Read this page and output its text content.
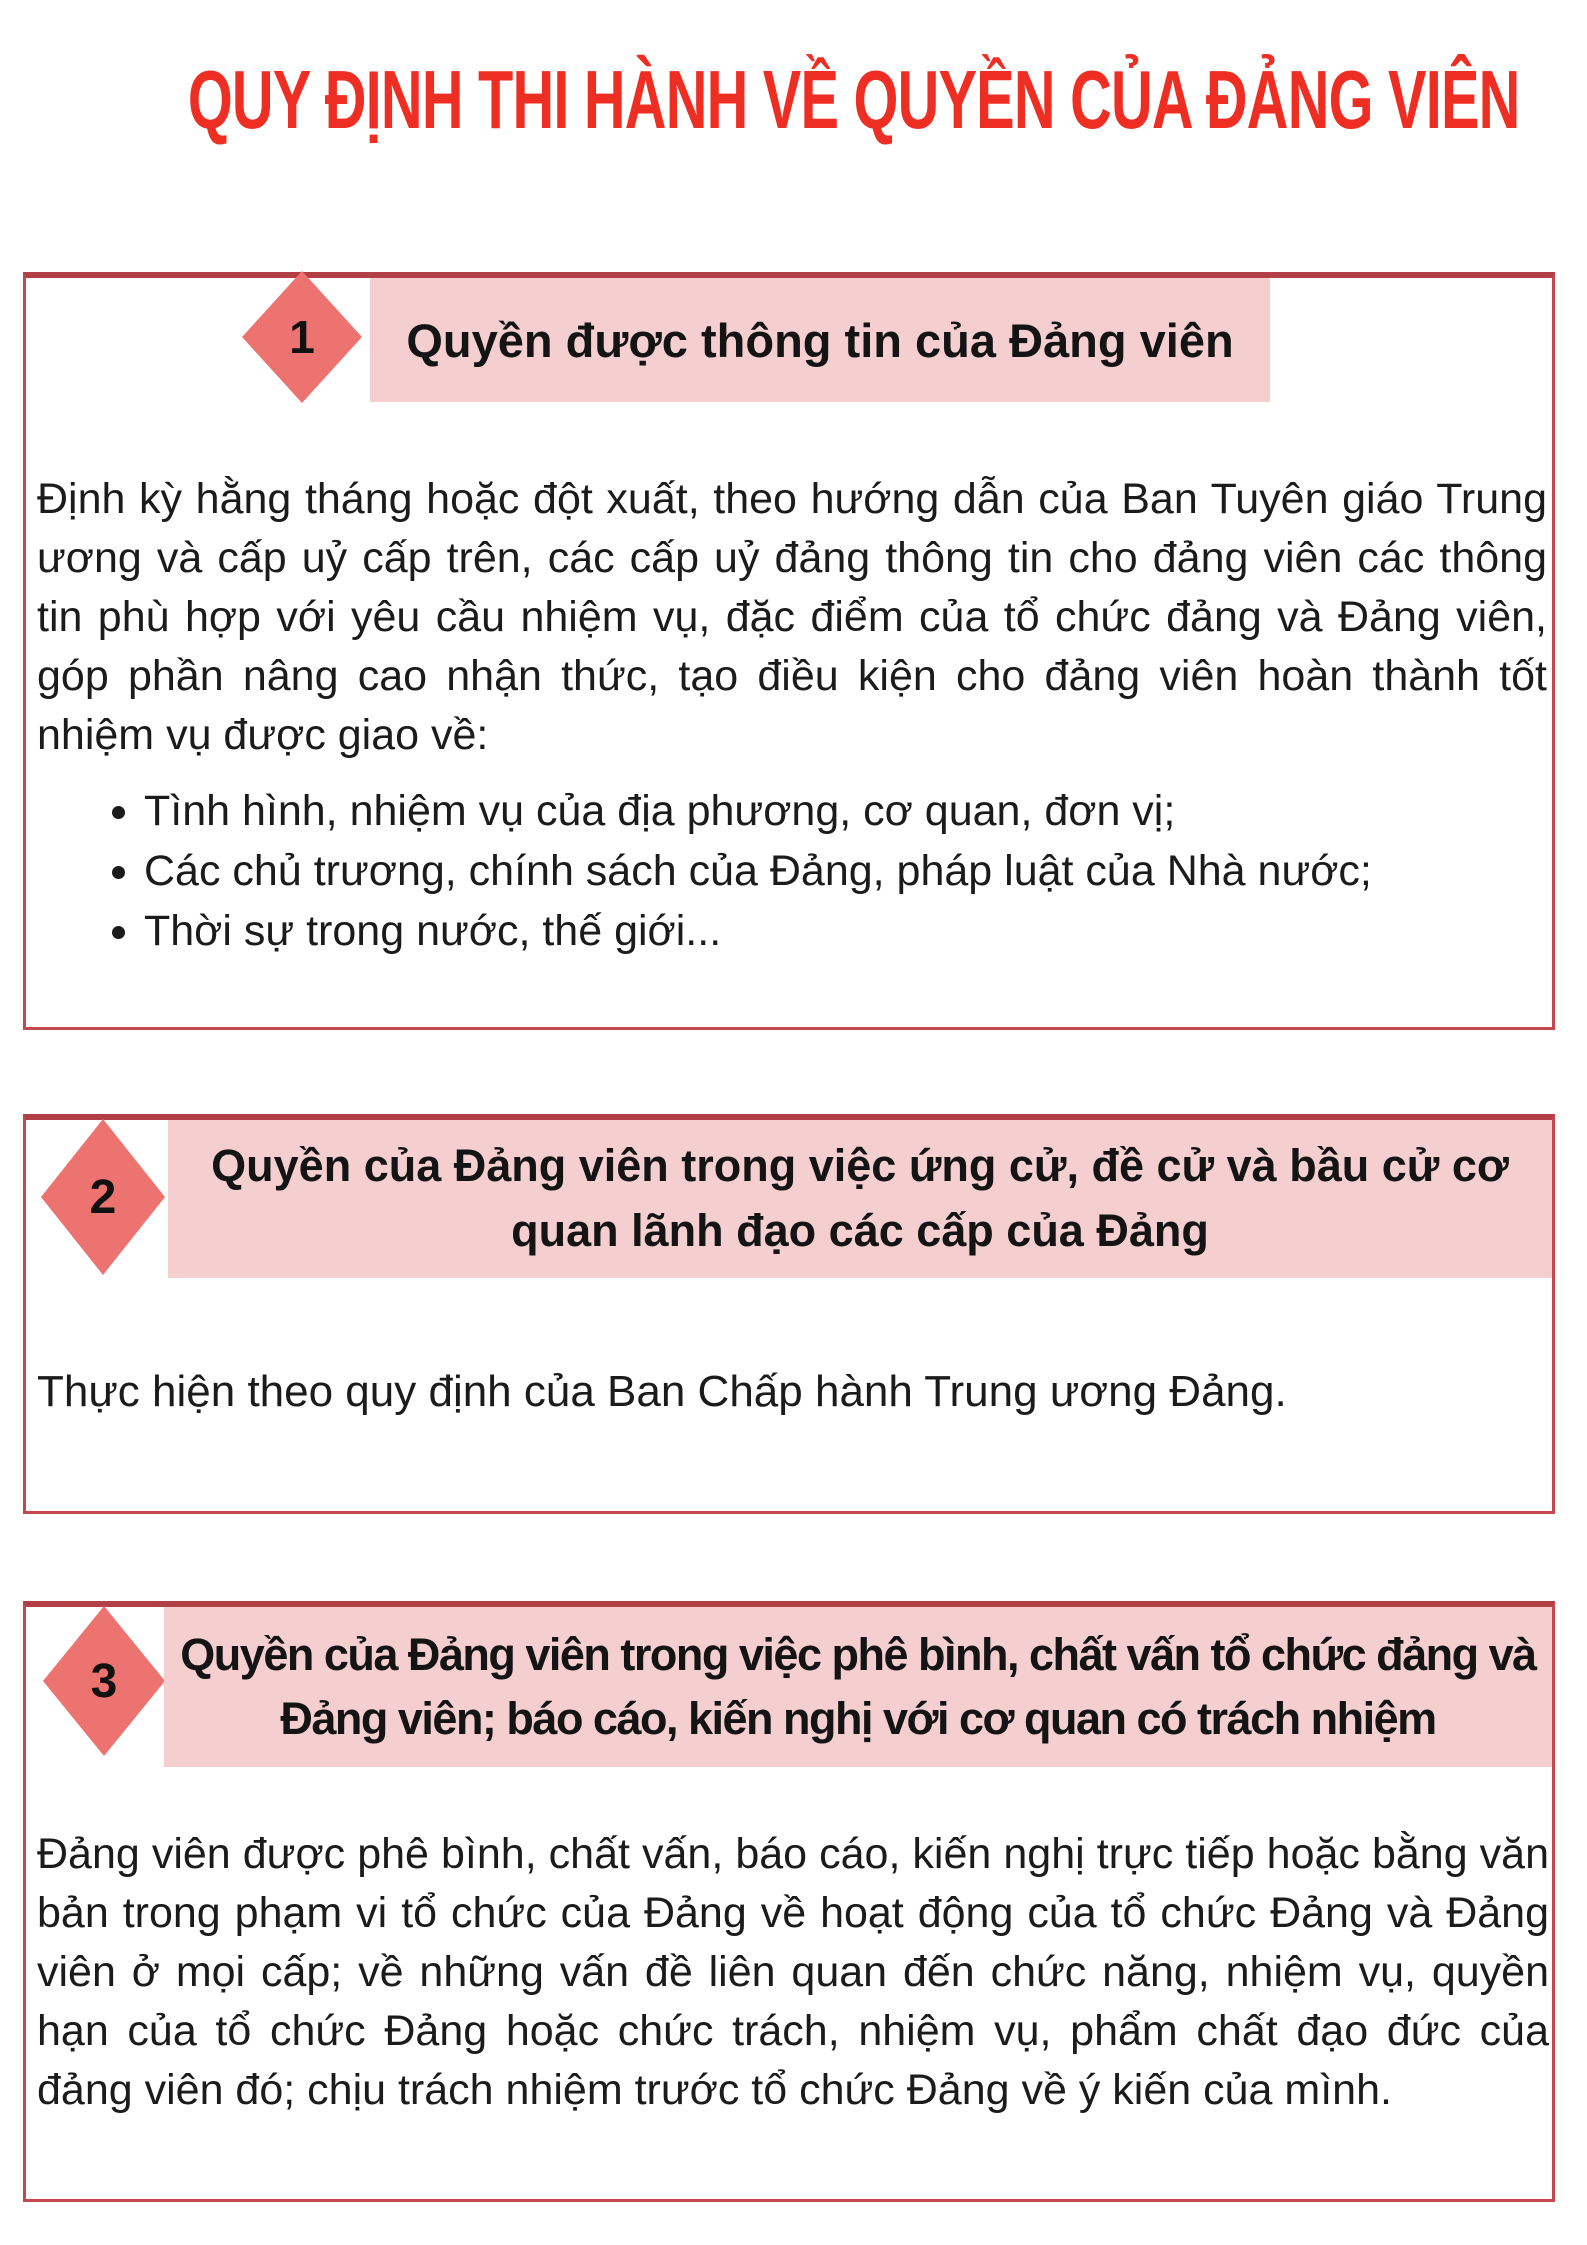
QUY ĐỊNH THI HÀNH VỀ QUYỀN CỦA ĐẢNG VIÊN
1	Quyền được thông tin của Đảng viên
Định kỳ hằng tháng hoặc đột xuất, theo hướng dẫn của Ban Tuyên giáo Trung ương và cấp uỷ cấp trên, các cấp uỷ đảng thông tin cho đảng viên các thông tin phù hợp với yêu cầu nhiệm vụ, đặc điểm của tổ chức đảng và Đảng viên, góp phần nâng cao nhận thức, tạo điều kiện cho đảng viên hoàn thành tốt nhiệm vụ được giao về:
• Tình hình, nhiệm vụ của địa phương, cơ quan, đơn vị;
• Các chủ trương, chính sách của Đảng, pháp luật của Nhà nước;
• Thời sự trong nước, thế giới...
2
Quyền của Đảng viên trong việc ứng cử, đề cử và bầu cử cơ quan lãnh đạo các cấp của Đảng
Thực hiện theo quy định của Ban Chấp hành Trung ương Đảng.
3	Quyền của Đảng viên trong việc phê bình, chất vấn tổ chức đảng và Đảng viên; báo cáo, kiến nghị với cơ quan có trách nhiệm
Đảng viên được phê bình, chất vấn, báo cáo, kiến nghị trực tiếp hoặc bằng văn bản trong phạm vi tổ chức của Đảng về hoạt động của tổ chức Đảng và Đảng viên ở mọi cấp; về những vấn đề liên quan đến chức năng, nhiệm vụ, quyền hạn của tổ chức Đảng hoặc chức trách, nhiệm vụ, phẩm chất đạo đức của đảng viên đó; chịu trách nhiệm trước tổ chức Đảng về ý kiến của mình.
